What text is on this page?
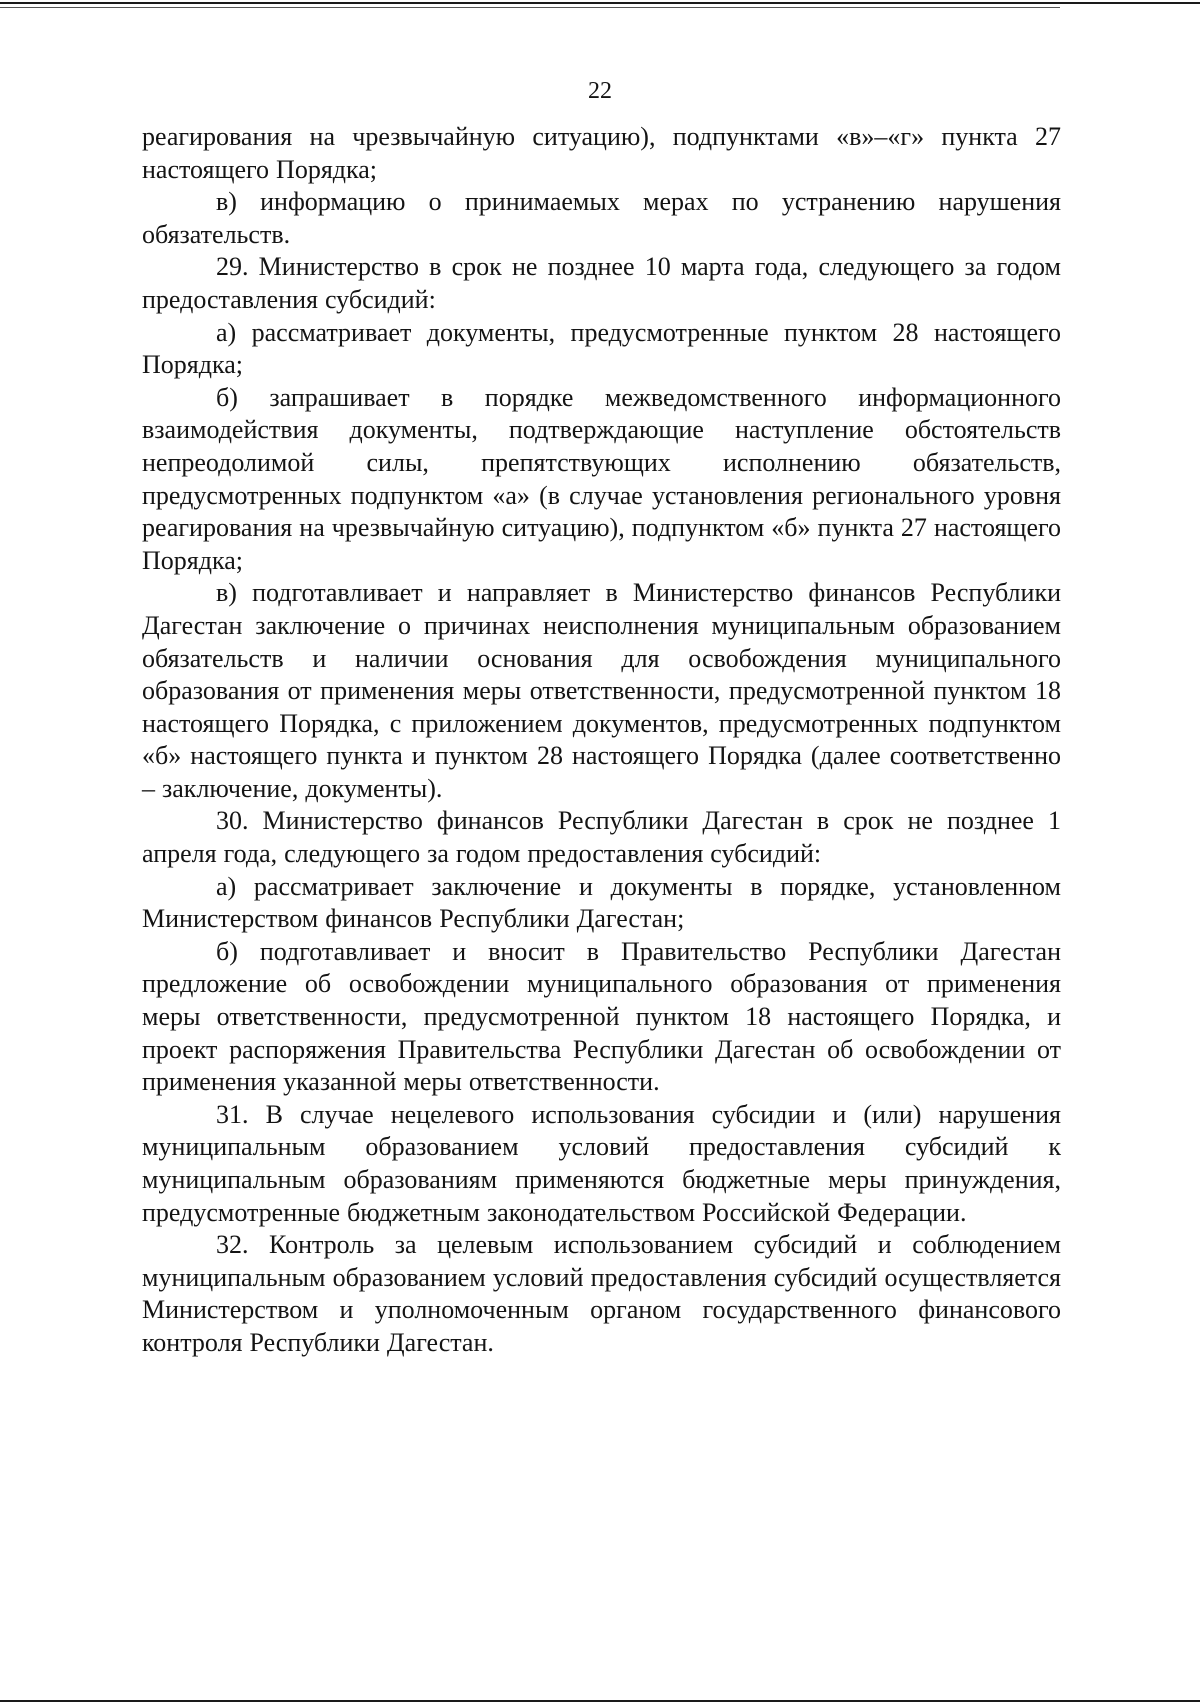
22

реагирования на чрезвычайную ситуацию), подпунктами «в»–«г» пункта 27 настоящего Порядка;

в) информацию о принимаемых мерах по устранению нарушения обязательств.

29. Министерство в срок не позднее 10 марта года, следующего за годом предоставления субсидий:

а) рассматривает документы, предусмотренные пунктом 28 настоящего Порядка;

б) запрашивает в порядке межведомственного информационного взаимодействия документы, подтверждающие наступление обстоятельств непреодолимой силы, препятствующих исполнению обязательств, предусмотренных подпунктом «а» (в случае установления регионального уровня реагирования на чрезвычайную ситуацию), подпунктом «б» пункта 27 настоящего Порядка;

в) подготавливает и направляет в Министерство финансов Республики Дагестан заключение о причинах неисполнения муниципальным образованием обязательств и наличии основания для освобождения муниципального образования от применения меры ответственности, предусмотренной пунктом 18 настоящего Порядка, с приложением документов, предусмотренных подпунктом «б» настоящего пункта и пунктом 28 настоящего Порядка (далее соответственно – заключение, документы).

30. Министерство финансов Республики Дагестан в срок не позднее 1 апреля года, следующего за годом предоставления субсидий:

а) рассматривает заключение и документы в порядке, установленном Министерством финансов Республики Дагестан;

б) подготавливает и вносит в Правительство Республики Дагестан предложение об освобождении муниципального образования от применения меры ответственности, предусмотренной пунктом 18 настоящего Порядка, и проект распоряжения Правительства Республики Дагестан об освобождении от применения указанной меры ответственности.

31. В случае нецелевого использования субсидии и (или) нарушения муниципальным образованием условий предоставления субсидий к муниципальным образованиям применяются бюджетные меры принуждения, предусмотренные бюджетным законодательством Российской Федерации.

32. Контроль за целевым использованием субсидий и соблюдением муниципальным образованием условий предоставления субсидий осуществляется Министерством и уполномоченным органом государственного финансового контроля Республики Дагестан.
